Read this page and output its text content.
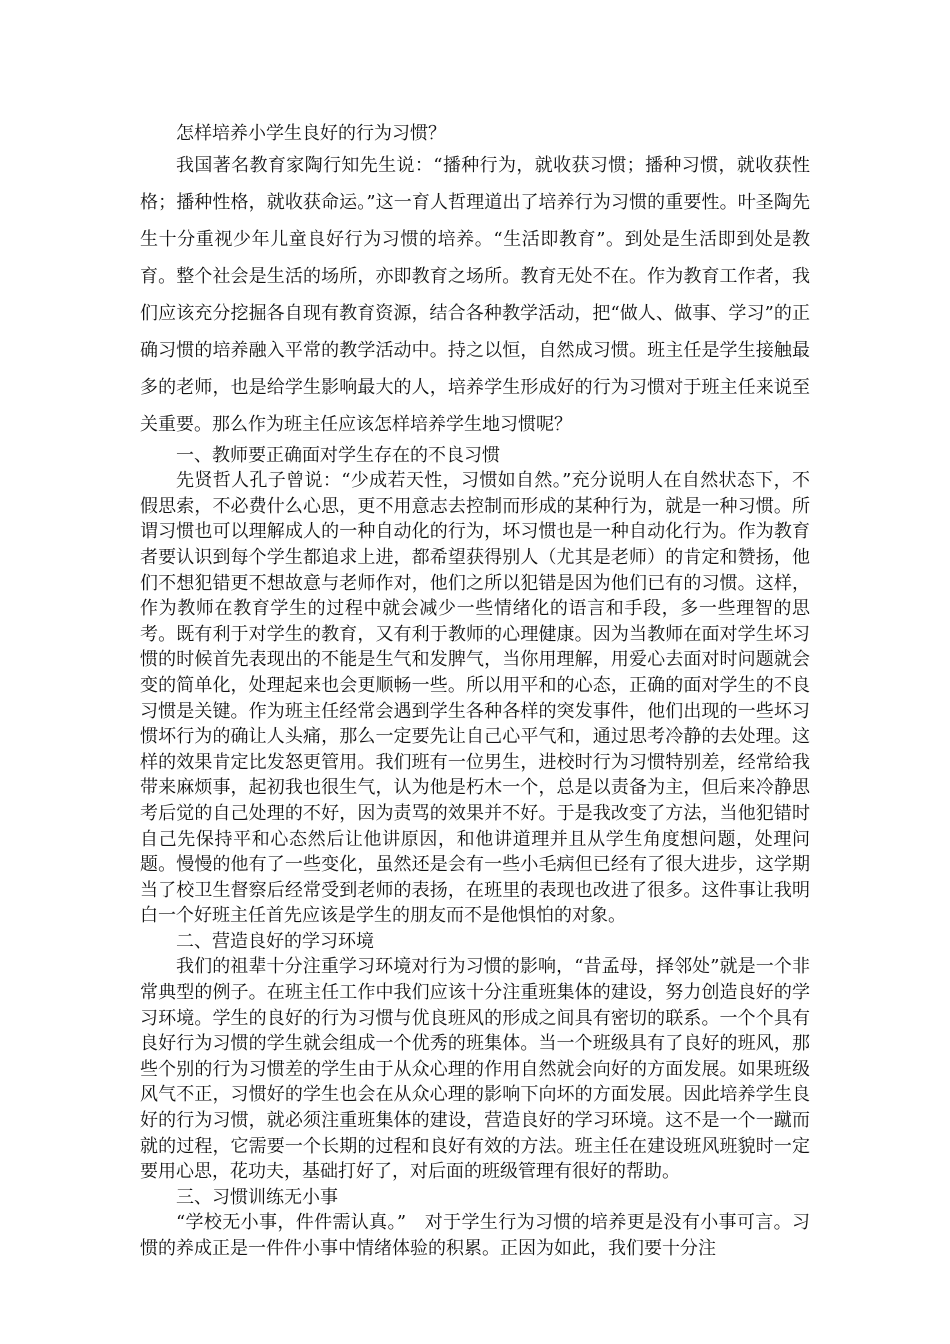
怎样培养小学生良好的行为习惯？

我国著名教育家陶行知先生说：“播种行为，就收获习惯；播种习惯，就收获性格；播种性格，就收获命运。”这一育人哲理道出了培养行为习惯的重要性。叶圣陶先生十分重视少年儿童良好行为习惯的培养。“生活即教育”。到处是生活即到处是教育。整个社会是生活的场所，亦即教育之场所。教育无处不在。作为教育工作者，我们应该充分挖掘各自现有教育资源，结合各种教学活动，把“做人、做事、学习”的正确习惯的培养融入平常的教学活动中。持之以恒，自然成习惯。班主任是学生接触最多的老师，也是给学生影响最大的人，培养学生形成好的行为习惯对于班主任来说至关重要。那么作为班主任应该怎样培养学生地习惯呢？

一、教师要正确面对学生存在的不良习惯

先贤哲人孔子曾说：“少成若天性，习惯如自然。”充分说明人在自然状态下，不假思索，不必费什么心思，更不用意志去控制而形成的某种行为，就是一种习惯。所谓习惯也可以理解成人的一种自动化的行为，坏习惯也是一种自动化行为。作为教育者要认识到每个学生都追求上进，都希望获得别人（尤其是老师）的肯定和赞扬，他们不想犯错更不想故意与老师作对，他们之所以犯错是因为他们已有的习惯。这样，作为教师在教育学生的过程中就会减少一些情绪化的语言和手段，多一些理智的思考。既有利于对学生的教育，又有利于教师的心理健康。因为当教师在面对学生坏习惯的时候首先表现出的不能是生气和发脾气，当你用理解，用爱心去面对时问题就会变的简单化，处理起来也会更顺畅一些。所以用平和的心态，正确的面对学生的不良习惯是关键。作为班主任经常会遇到学生各种各样的突发事件，他们出现的一些坏习惯坏行为的确让人头痛，那么一定要先让自己心平气和，通过思考冷静的去处理。这样的效果肯定比发怒更管用。我们班有一位男生，进校时行为习惯特别差，经常给我带来麻烦事，起初我也很生气，认为他是朽木一个，总是以责备为主，但后来冷静思考后觉的自己处理的不好，因为责骂的效果并不好。于是我改变了方法，当他犯错时自己先保持平和心态然后让他讲原因，和他讲道理并且从学生角度想问题，处理问题。慢慢的他有了一些变化，虽然还是会有一些小毛病但已经有了很大进步，这学期当了校卫生督察后经常受到老师的表扬，在班里的表现也改进了很多。这件事让我明白一个好班主任首先应该是学生的朋友而不是他惧怕的对象。

二、营造良好的学习环境

我们的祖辈十分注重学习环境对行为习惯的影响，“昔孟母，择邻处”就是一个非常典型的例子。在班主任工作中我们应该十分注重班集体的建设，努力创造良好的学习环境。学生的良好的行为习惯与优良班风的形成之间具有密切的联系。一个个具有良好行为习惯的学生就会组成一个优秀的班集体。当一个班级具有了良好的班风，那些个别的行为习惯差的学生由于从众心理的作用自然就会向好的方面发展。如果班级风气不正，习惯好的学生也会在从众心理的影响下向坏的方面发展。因此培养学生良好的行为习惯，就必须注重班集体的建设，营造良好的学习环境。这不是一个一蹴而就的过程，它需要一个长期的过程和良好有效的方法。班主任在建设班风班貌时一定要用心思，花功夫，基础打好了，对后面的班级管理有很好的帮助。

三、习惯训练无小事

“学校无小事，件件需认真。”　对于学生行为习惯的培养更是没有小事可言。习惯的养成正是一件件小事中情绪体验的积累。正因为如此，我们要十分注
